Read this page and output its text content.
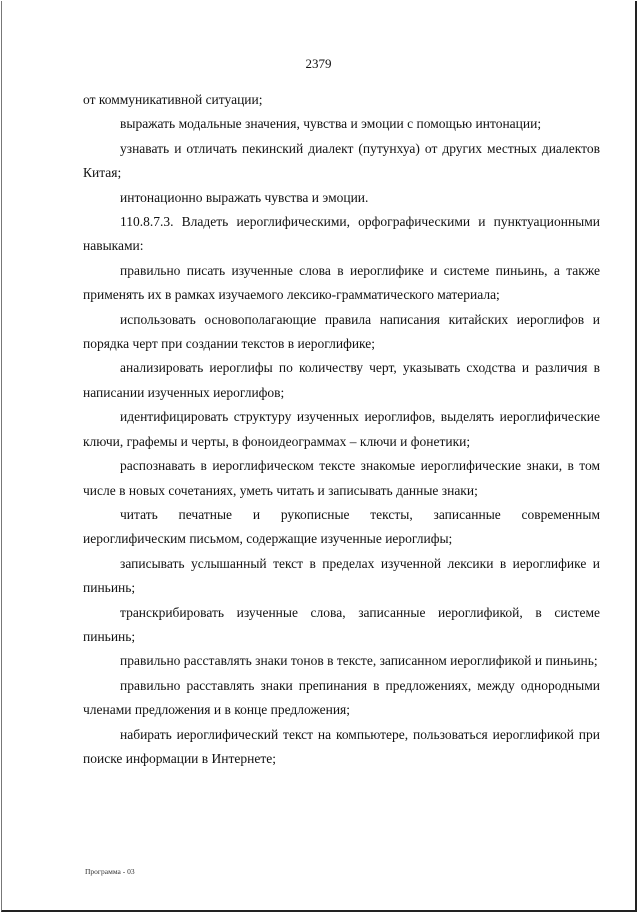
2379

от коммуникативной ситуации;

выражать модальные значения, чувства и эмоции с помощью интонации;

узнавать и отличать пекинский диалект (путунхуа) от других местных диалектов Китая;

интонационно выражать чувства и эмоции.

110.8.7.3. Владеть иероглифическими, орфографическими и пунктуационными навыками:

правильно писать изученные слова в иероглифике и системе пиньинь, а также применять их в рамках изучаемого лексико-грамматического материала;

использовать основополагающие правила написания китайских иероглифов и порядка черт при создании текстов в иероглифике;

анализировать иероглифы по количеству черт, указывать сходства и различия в написании изученных иероглифов;

идентифицировать структуру изученных иероглифов, выделять иероглифические ключи, графемы и черты, в фоноидеограммах – ключи и фонетики;

распознавать в иероглифическом тексте знакомые иероглифические знаки, в том числе в новых сочетаниях, уметь читать и записывать данные знаки;

читать печатные и рукописные тексты, записанные современным иероглифическим письмом, содержащие изученные иероглифы;

записывать услышанный текст в пределах изученной лексики в иероглифике и пиньинь;

транскрибировать изученные слова, записанные иероглификой, в системе пиньинь;

правильно расставлять знаки тонов в тексте, записанном иероглификой и пиньинь;

правильно расставлять знаки препинания в предложениях, между однородными членами предложения и в конце предложения;

набирать иероглифический текст на компьютере, пользоваться иероглификой при поиске информации в Интернете;

Программа - 03
